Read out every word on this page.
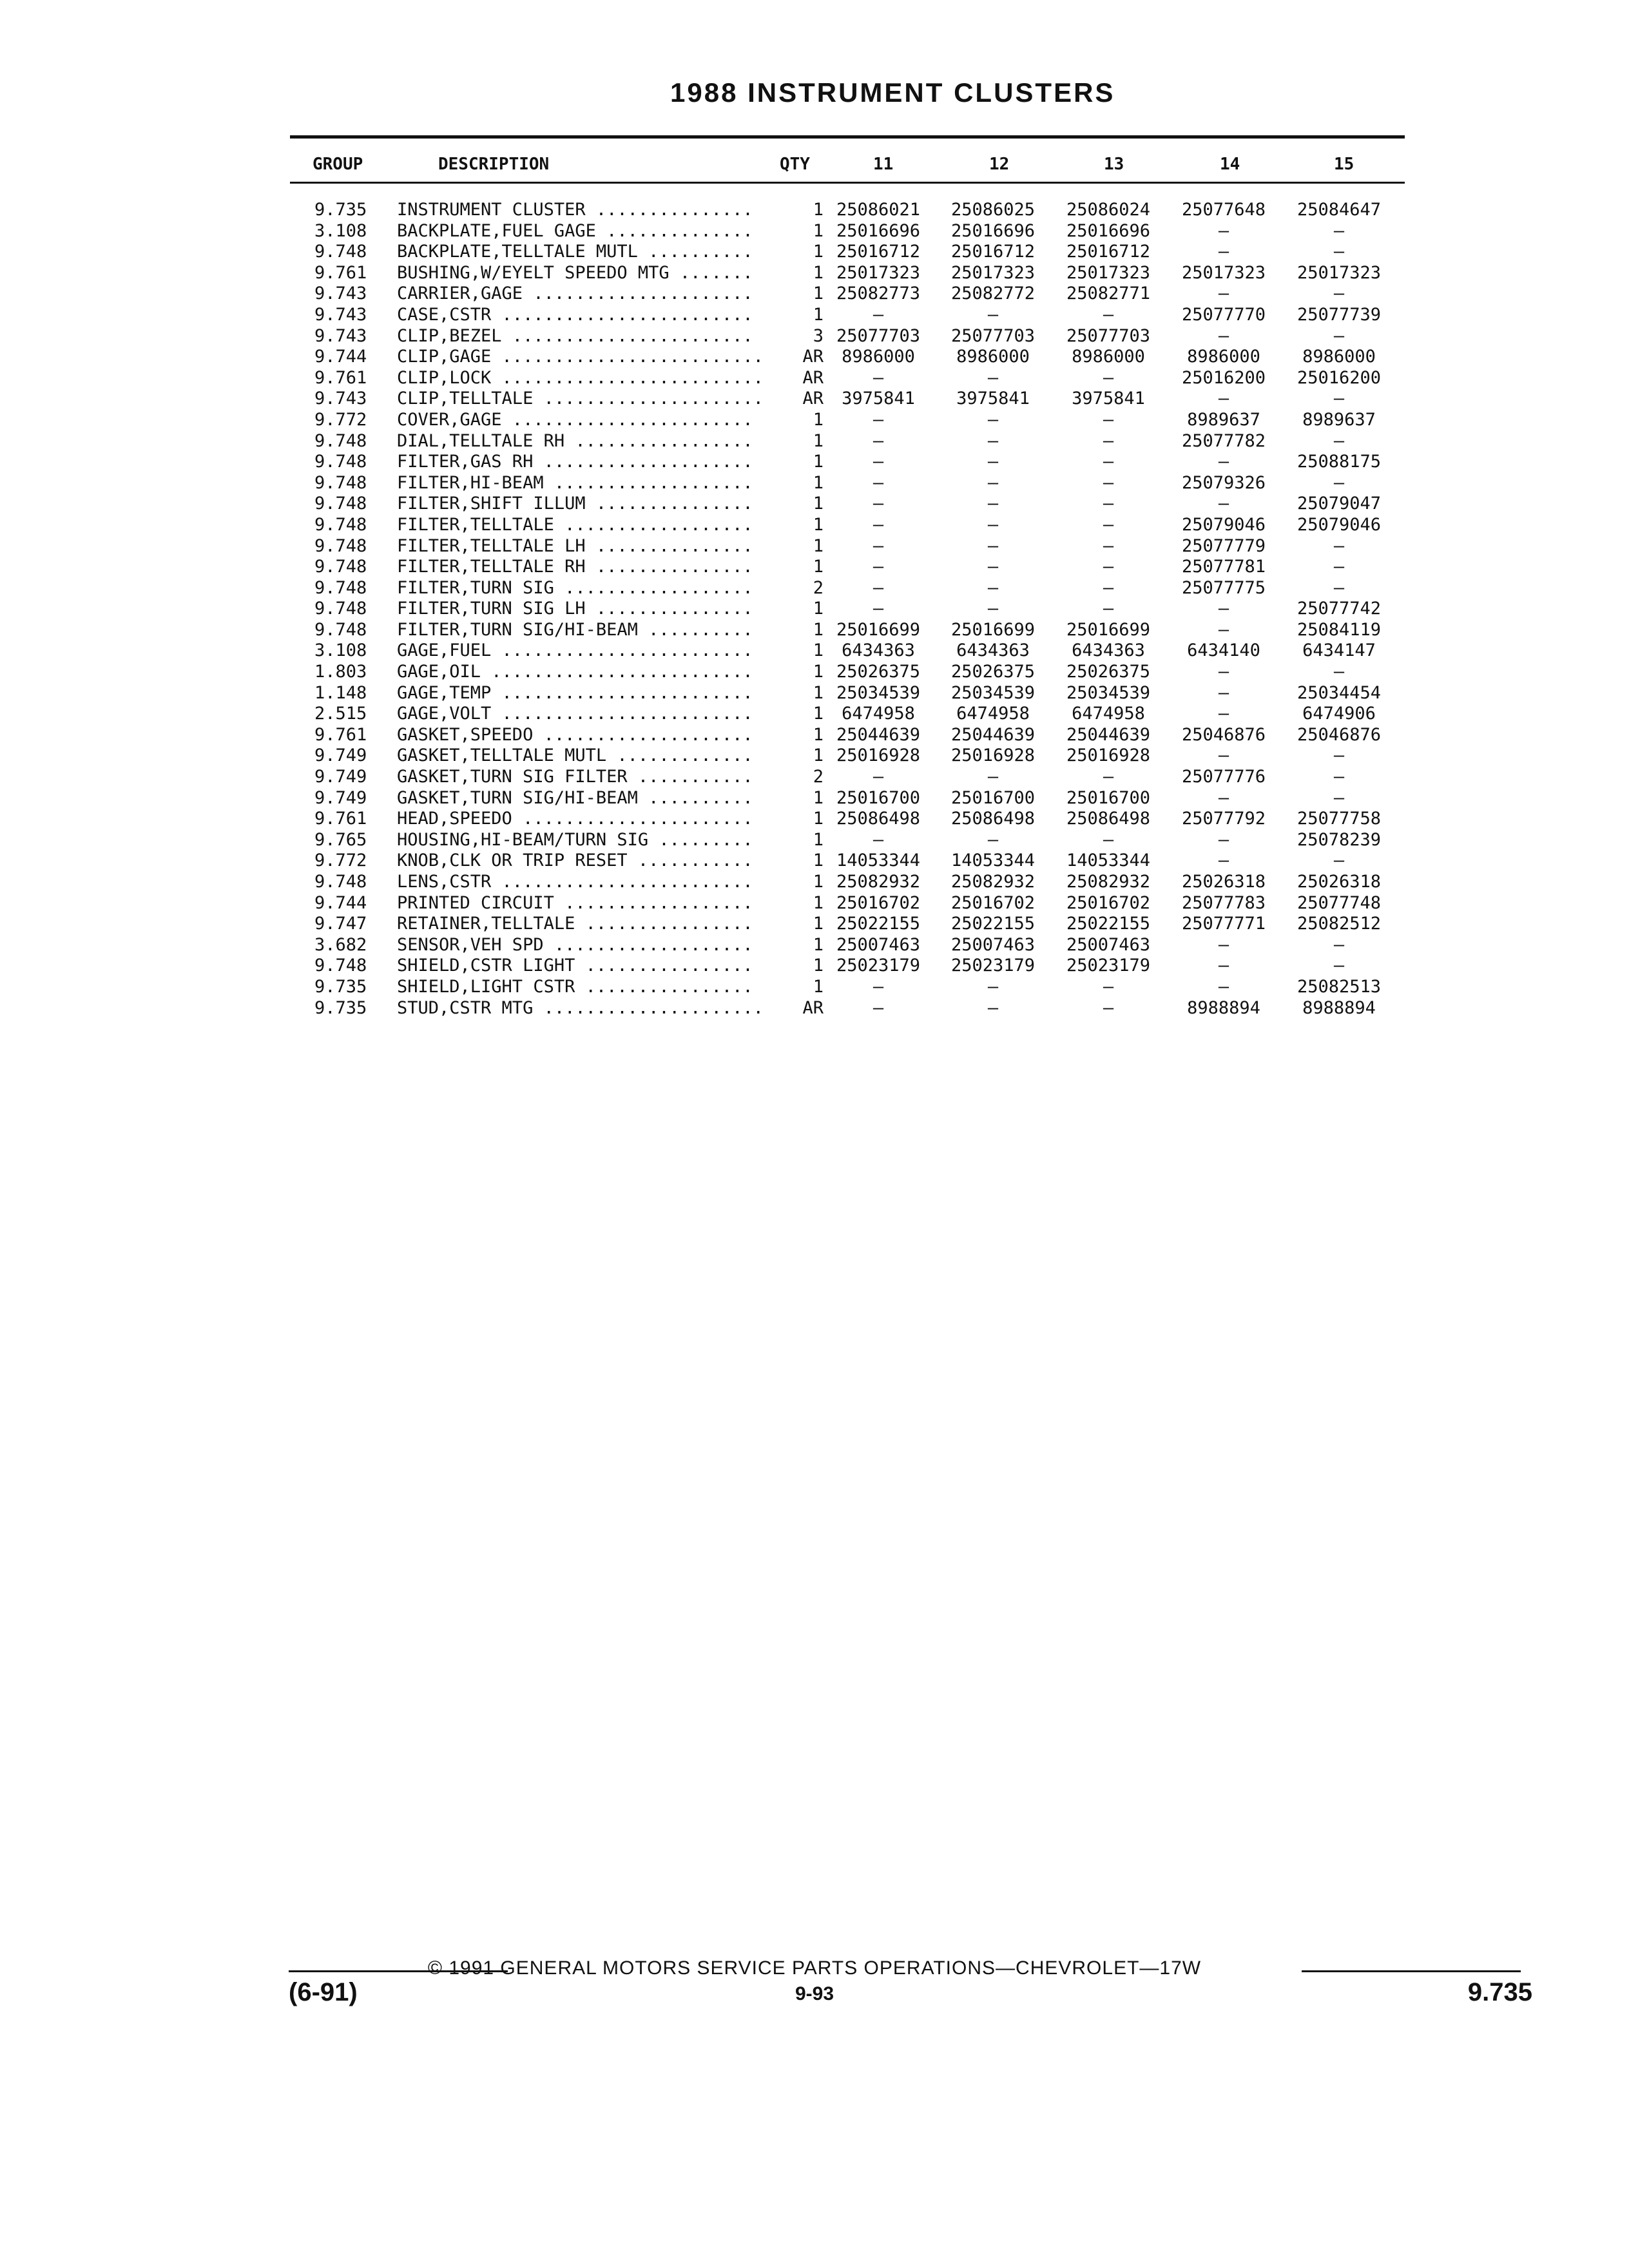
1988 INSTRUMENT CLUSTERS
GROUP	DESCRIPTION	QTY	11	12	13	14	15
9.735	INSTRUMENT CLUSTER ...............	1 25086021	25086025	25086024	25077648	25084647
3.108	BACKPLATE,FUEL GAGE ..............	1 25016696	25016696	25016696	—	—
9.748	BACKPLATE,TELLTALE MUTL ..........	1 25016712	25016712	25016712	—	—
9.761	BUSHING,W/EYELT SPEEDO MTG .......	1 25017323	25017323	25017323	25017323	25017323
9.743	CARRIER,GAGE .....................	1 25082773	25082772	25082771	—	—
9.743	CASE,CSTR ........................	1	—	—	—	25077770	25077739
9.743	CLIP,BEZEL .......................	3 25077703	25077703	25077703	—	—
9.744	CLIP,GAGE .........................	AR	8986000	8986000	8986000	8986000	8986000
9.761	CLIP,LOCK .........................	AR	—	—	—	25016200	25016200
9.743	CLIP,TELLTALE .....................	AR	3975841	3975841	3975841	—	—
9.772	COVER,GAGE .......................	1	—	—	—	8989637	8989637
9.748	DIAL,TELLTALE RH .................	1	—	—	—	25077782	—
9.748	FILTER,GAS RH ....................	1	—	—	—	—	25088175
9.748	FILTER,HI-BEAM ...................	1	—	—	—	25079326	—
9.748	FILTER,SHIFT ILLUM ...............	1	—	—	—	—	25079047
9.748	FILTER,TELLTALE ..................	1	—	—	—	25079046	25079046
9.748	FILTER,TELLTALE LH ...............	1	—	—	—	25077779	—
9.748	FILTER,TELLTALE RH ...............	1	—	—	—	25077781	—
9.748	FILTER,TURN SIG ..................	2	—	—	—	25077775	—
9.748	FILTER,TURN SIG LH ...............	1	—	—	—	—	25077742
9.748	FILTER,TURN SIG/HI-BEAM ..........	1 25016699	25016699	25016699	—	25084119
3.108	GAGE,FUEL ........................	1	6434363	6434363	6434363	6434140	6434147
1.803	GAGE,OIL .........................	1 25026375	25026375	25026375	—	—
1.148	GAGE,TEMP ........................	1 25034539	25034539	25034539	—	25034454
2.515	GAGE,VOLT ........................	1	6474958	6474958	6474958	—	6474906
9.761	GASKET,SPEEDO ....................	1 25044639	25044639	25044639	25046876	25046876
9.749	GASKET,TELLTALE MUTL .............	1 25016928	25016928	25016928	—	—
9.749	GASKET,TURN SIG FILTER ...........	2	—	—	—	25077776	—
9.749	GASKET,TURN SIG/HI-BEAM ..........	1 25016700	25016700	25016700	—	—
9.761	HEAD,SPEEDO ......................	1 25086498	25086498	25086498	25077792	25077758
9.765	HOUSING,HI-BEAM/TURN SIG .........	1	—	—	—	—	25078239
9.772	KNOB,CLK OR TRIP RESET ...........	1 14053344	14053344	14053344	—	—
9.748	LENS,CSTR ........................	1 25082932	25082932	25082932	25026318	25026318
9.744	PRINTED CIRCUIT ..................	1 25016702	25016702	25016702	25077783	25077748
9.747	RETAINER,TELLTALE ................	1 25022155	25022155	25022155	25077771	25082512
3.682	SENSOR,VEH SPD ...................	1 25007463	25007463	25007463	—	—
9.748	SHIELD,CSTR LIGHT ................	1 25023179	25023179	25023179	—	—
9.735	SHIELD,LIGHT CSTR ................	1	—	—	—	—	25082513
9.735	STUD,CSTR MTG .....................	AR	—	—	—	8988894	8988894
© 1991 GENERAL MOTORS SERVICE PARTS OPERATIONS—CHEVROLET—17W
(6-91)	9-93	9.735
